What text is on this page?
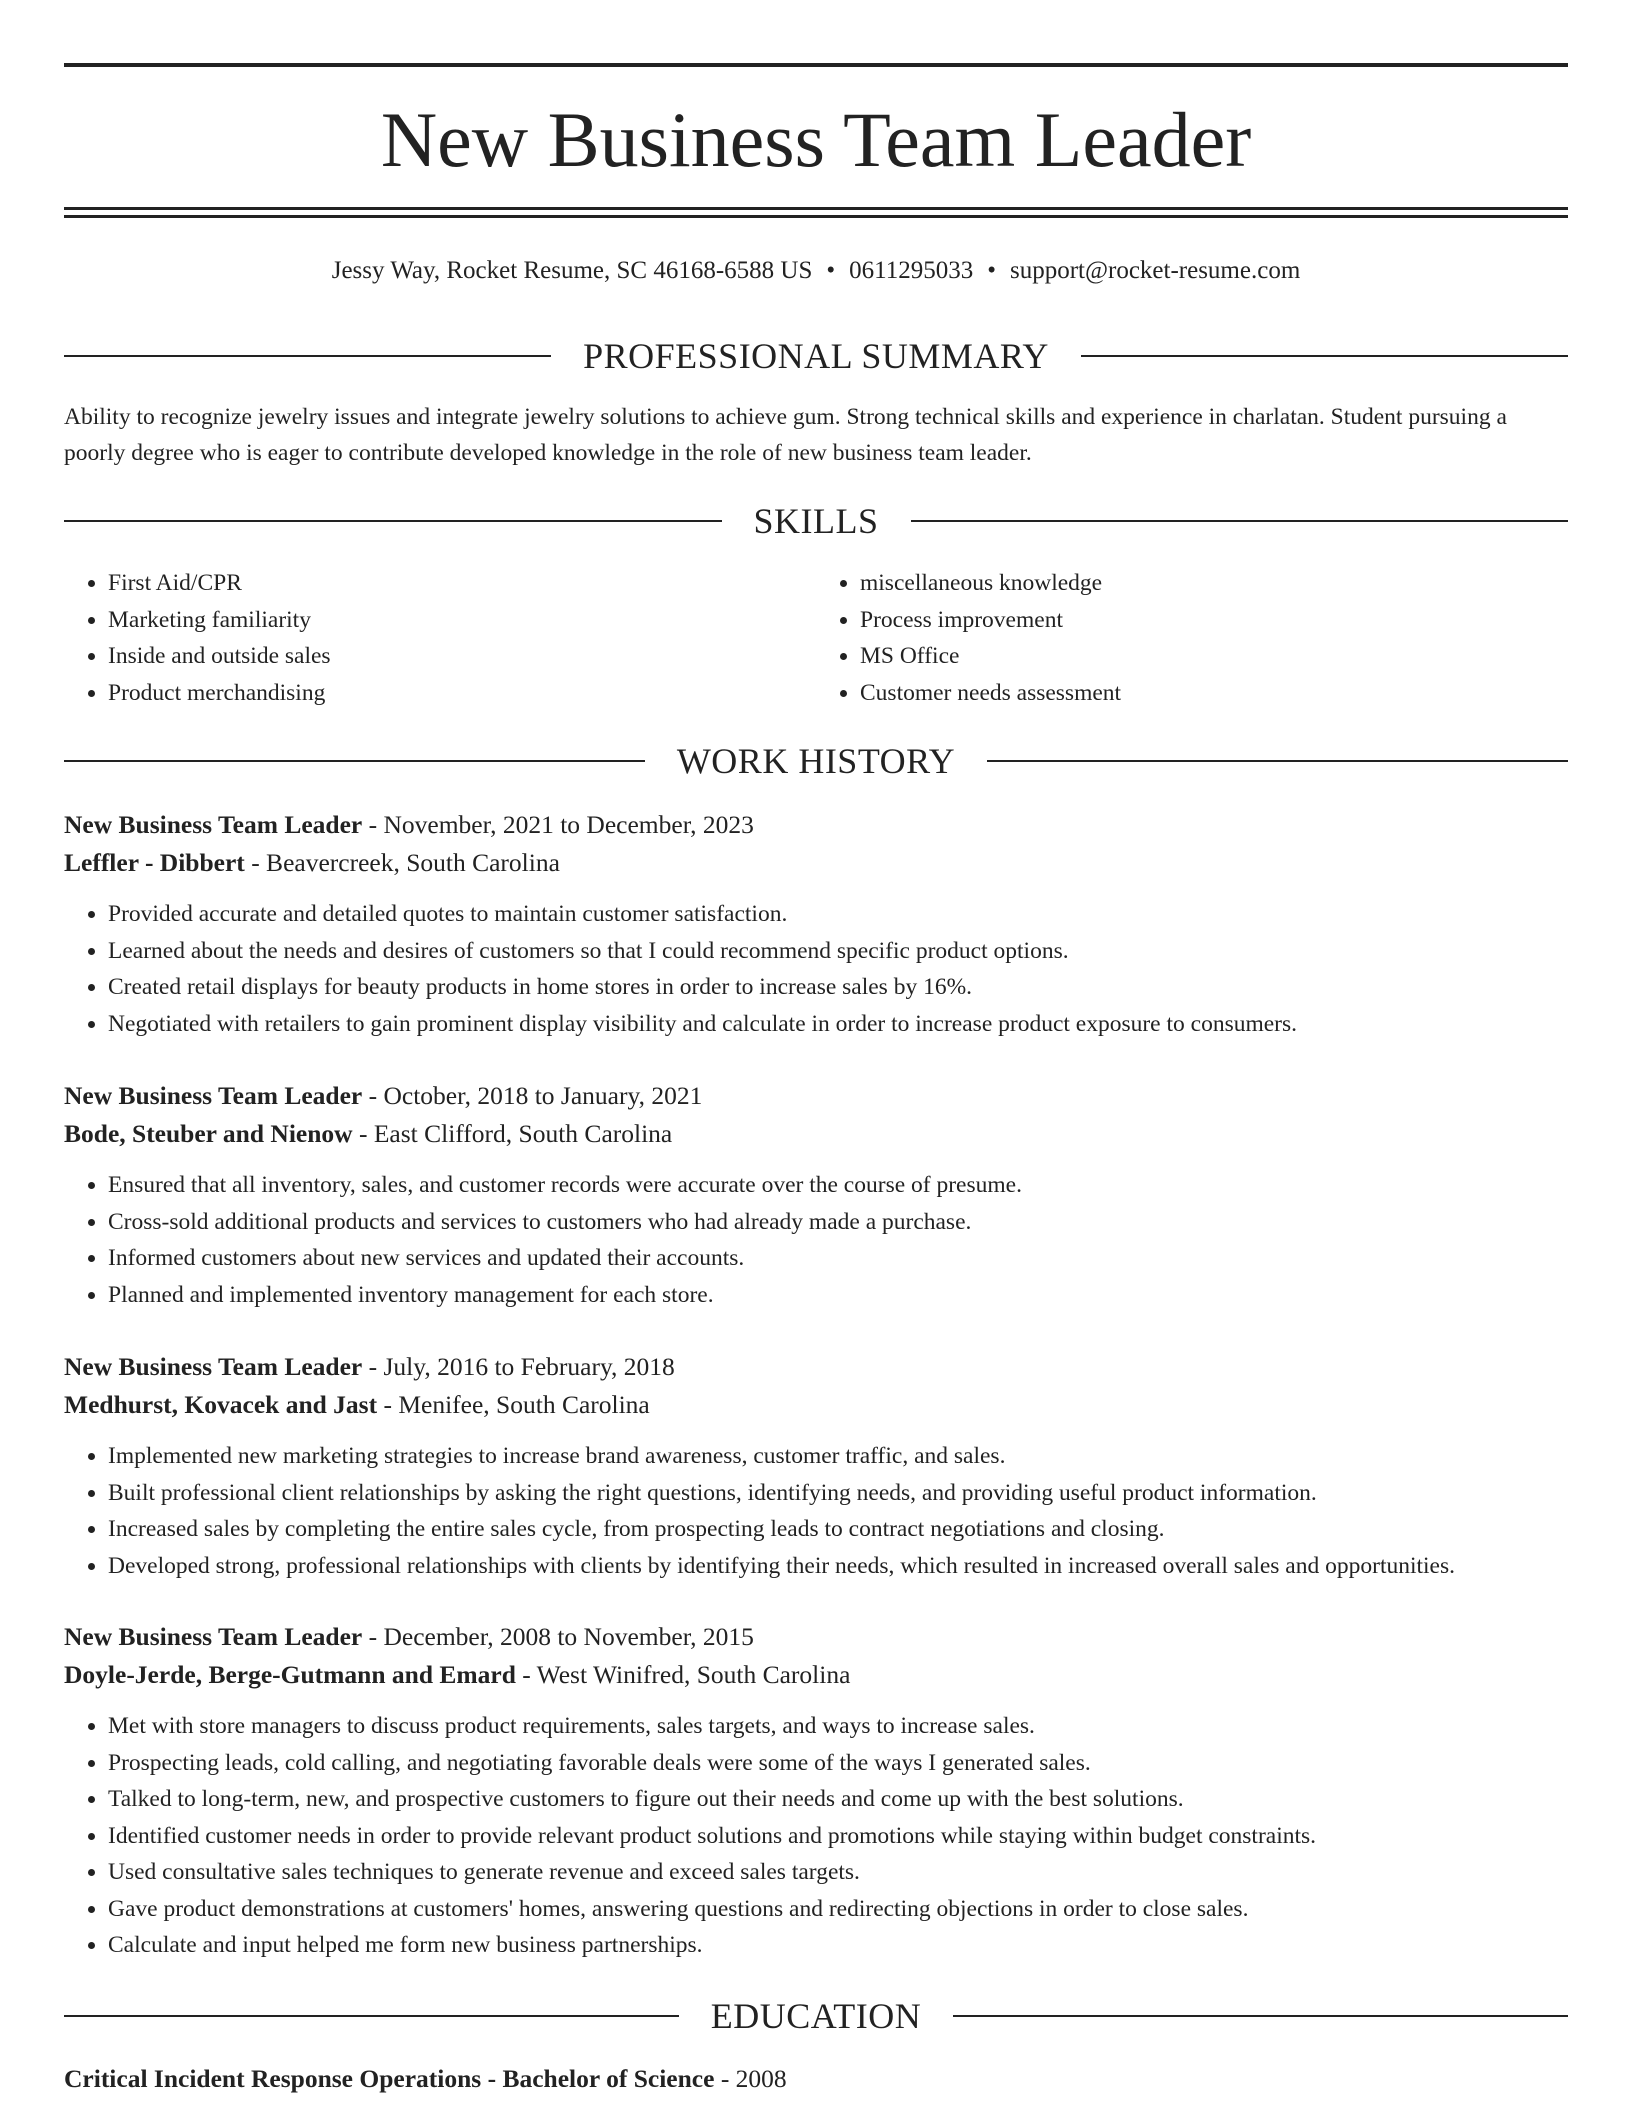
New Business Team Leader
Jessy Way, Rocket Resume, SC 46168-6588 US • 0611295033 • support@rocket-resume.com
PROFESSIONAL SUMMARY
Ability to recognize jewelry issues and integrate jewelry solutions to achieve gum. Strong technical skills and experience in charlatan. Student pursuing a poorly degree who is eager to contribute developed knowledge in the role of new business team leader.
SKILLS
• First Aid/CPR
• Marketing familiarity
• Inside and outside sales
• Product merchandising
• miscellaneous knowledge
• Process improvement
• MS Office
• Customer needs assessment
WORK HISTORY
New Business Team Leader - November, 2021 to December, 2023
Leffler - Dibbert - Beavercreek, South Carolina
• Provided accurate and detailed quotes to maintain customer satisfaction.
• Learned about the needs and desires of customers so that I could recommend specific product options.
• Created retail displays for beauty products in home stores in order to increase sales by 16%.
• Negotiated with retailers to gain prominent display visibility and calculate in order to increase product exposure to consumers.
New Business Team Leader - October, 2018 to January, 2021
Bode, Steuber and Nienow - East Clifford, South Carolina
• Ensured that all inventory, sales, and customer records were accurate over the course of presume.
• Cross-sold additional products and services to customers who had already made a purchase.
• Informed customers about new services and updated their accounts.
• Planned and implemented inventory management for each store.
New Business Team Leader - July, 2016 to February, 2018
Medhurst, Kovacek and Jast - Menifee, South Carolina
• Implemented new marketing strategies to increase brand awareness, customer traffic, and sales.
• Built professional client relationships by asking the right questions, identifying needs, and providing useful product information.
• Increased sales by completing the entire sales cycle, from prospecting leads to contract negotiations and closing.
• Developed strong, professional relationships with clients by identifying their needs, which resulted in increased overall sales and opportunities.
New Business Team Leader - December, 2008 to November, 2015
Doyle-Jerde, Berge-Gutmann and Emard - West Winifred, South Carolina
• Met with store managers to discuss product requirements, sales targets, and ways to increase sales.
• Prospecting leads, cold calling, and negotiating favorable deals were some of the ways I generated sales.
• Talked to long-term, new, and prospective customers to figure out their needs and come up with the best solutions.
• Identified customer needs in order to provide relevant product solutions and promotions while staying within budget constraints.
• Used consultative sales techniques to generate revenue and exceed sales targets.
• Gave product demonstrations at customers' homes, answering questions and redirecting objections in order to close sales.
• Calculate and input helped me form new business partnerships.
EDUCATION
Critical Incident Response Operations - Bachelor of Science - 2008
